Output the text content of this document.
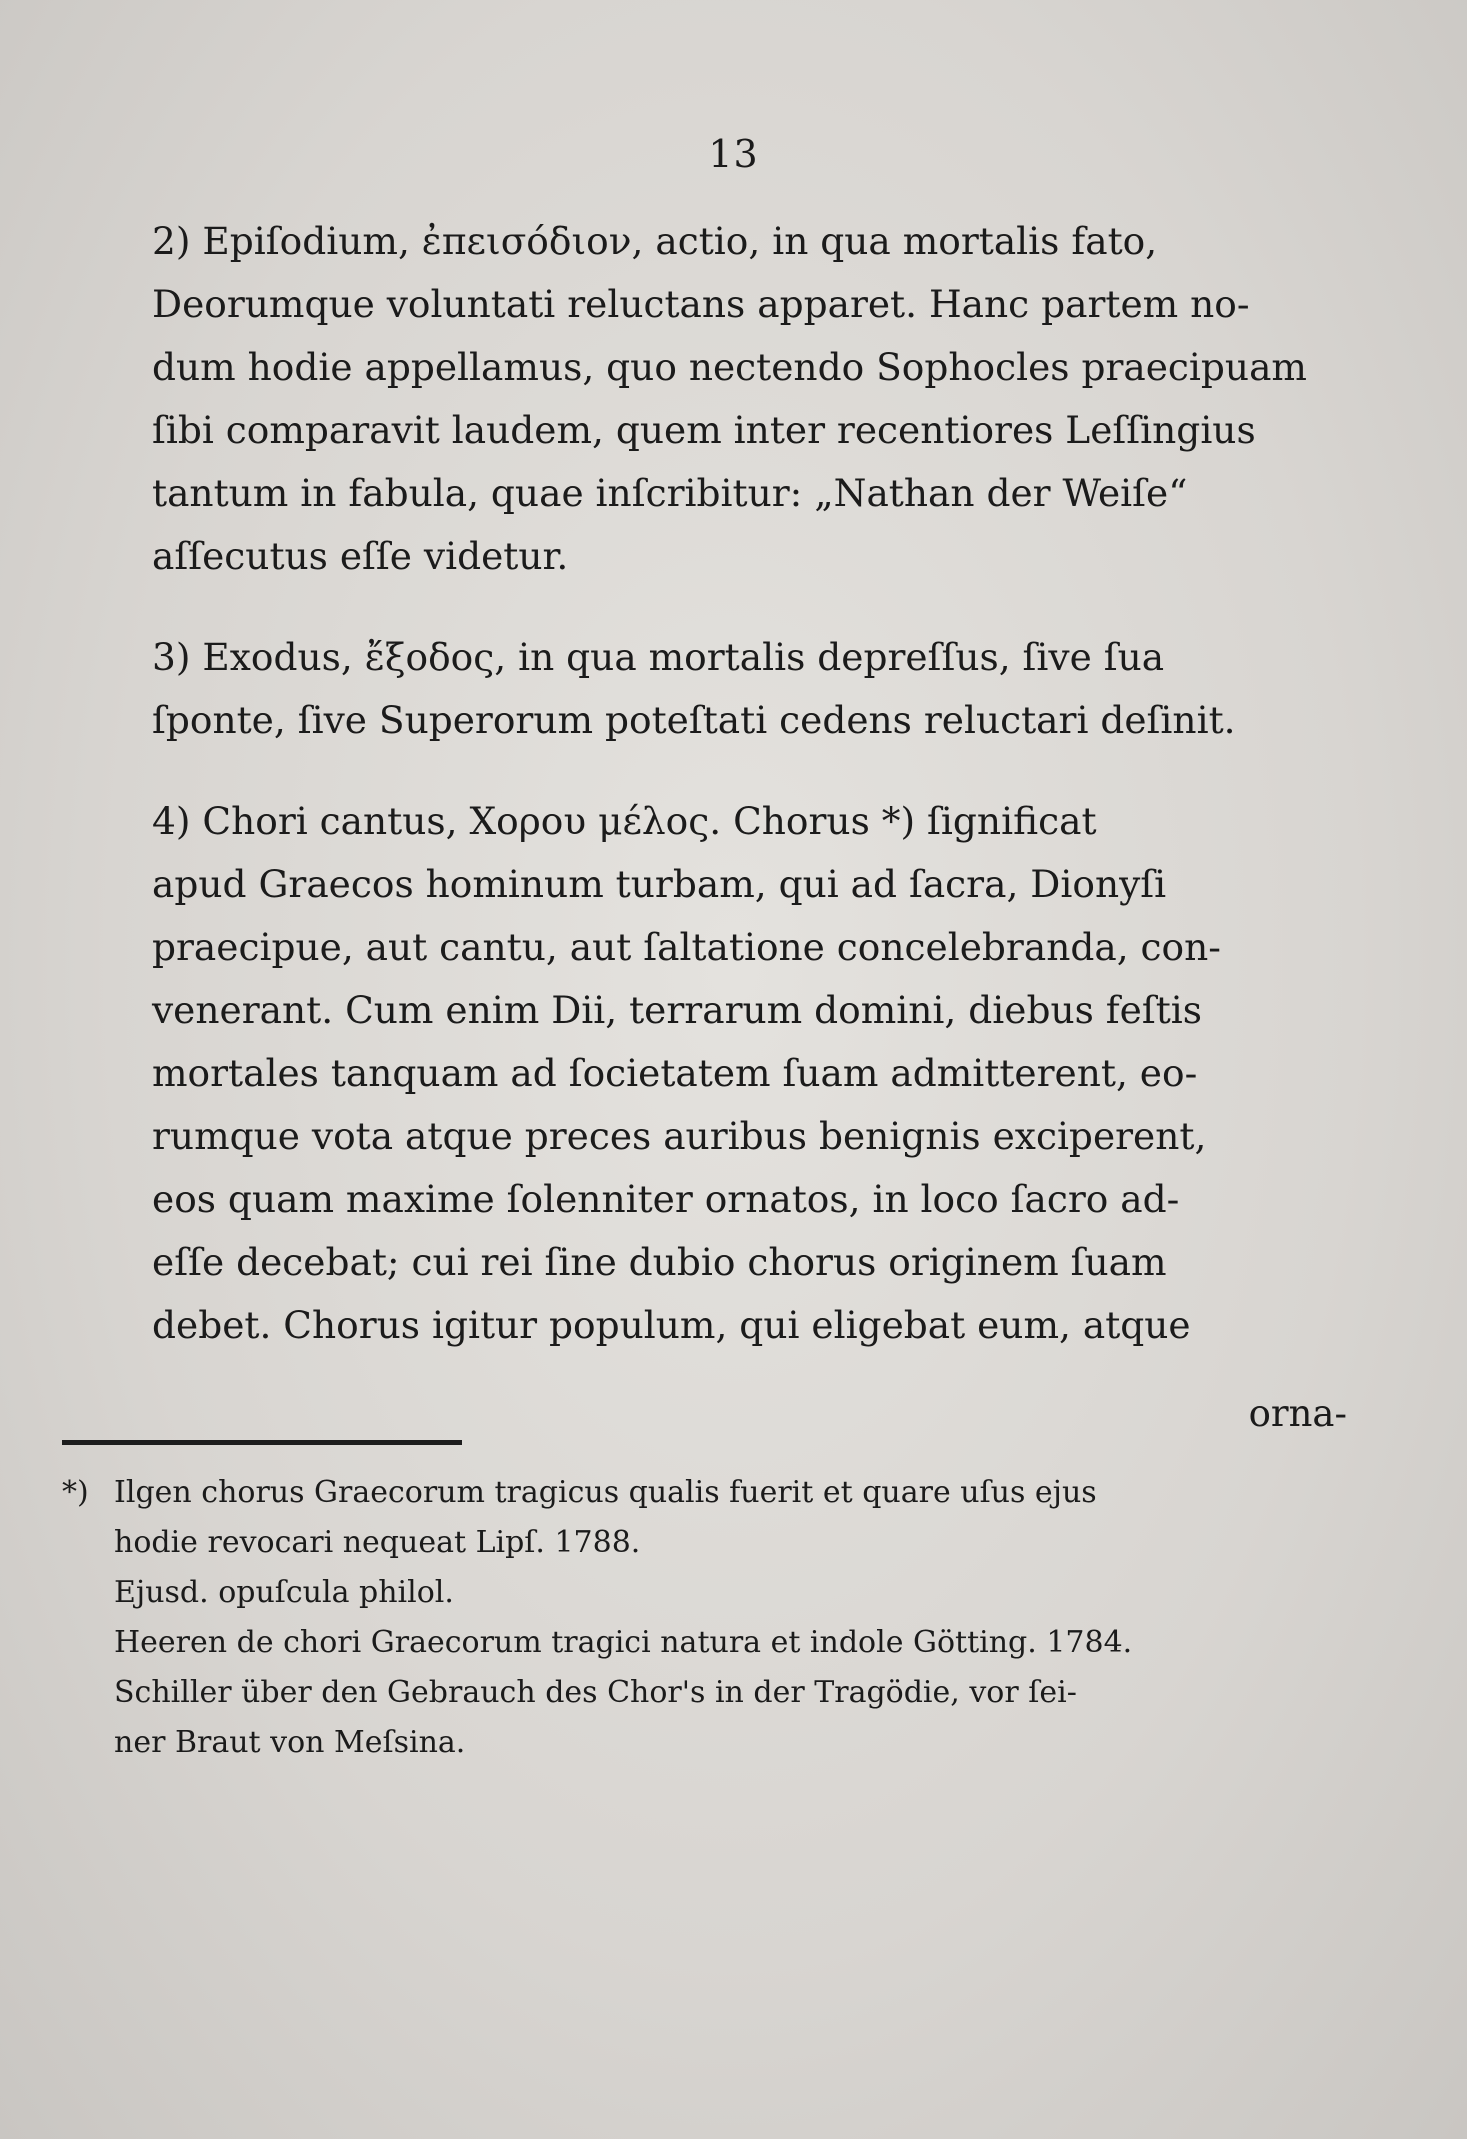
13

2) Epiſodium, ἐπεισόδιον, actio, in qua mortalis fato,
Deorumque voluntati reluctans apparet. Hanc partem no-
dum hodie appellamus, quo nectendo Sophocles praecipuam
ſibi comparavit laudem, quem inter recentiores Leſſingius
tantum in fabula, quae inſcribitur: „Nathan der Weiſe“
aſſecutus eſſe videtur.

3) Exodus, ἔξοδος, in qua mortalis depreſſus, ſive ſua
ſponte, ſive Superorum poteſtati cedens reluctari deſinit.

4) Chori cantus, Χορου μέλος. Chorus *) ſignificat
apud Graecos hominum turbam, qui ad ſacra, Dionyſi
praecipue, aut cantu, aut ſaltatione concelebranda, con-
venerant. Cum enim Dii, terrarum domini, diebus feſtis
mortales tanquam ad ſocietatem ſuam admitterent, eo-
rumque vota atque preces auribus benignis exciperent,
eos quam maxime ſolenniter ornatos, in loco ſacro ad-
eſſe decebat; cui rei ſine dubio chorus originem ſuam
debet. Chorus igitur populum, qui eligebat eum, atque

orna-
*) Ilgen chorus Graecorum tragicus qualis fuerit et quare uſus ejus
hodie revocari nequeat Lipſ. 1788.
Ejusd. opuſcula philol.
Heeren de chori Graecorum tragici natura et indole Götting. 1784.
Schiller über den Gebrauch des Chor's in der Tragödie, vor ſei-
ner Braut von Meſsina.
